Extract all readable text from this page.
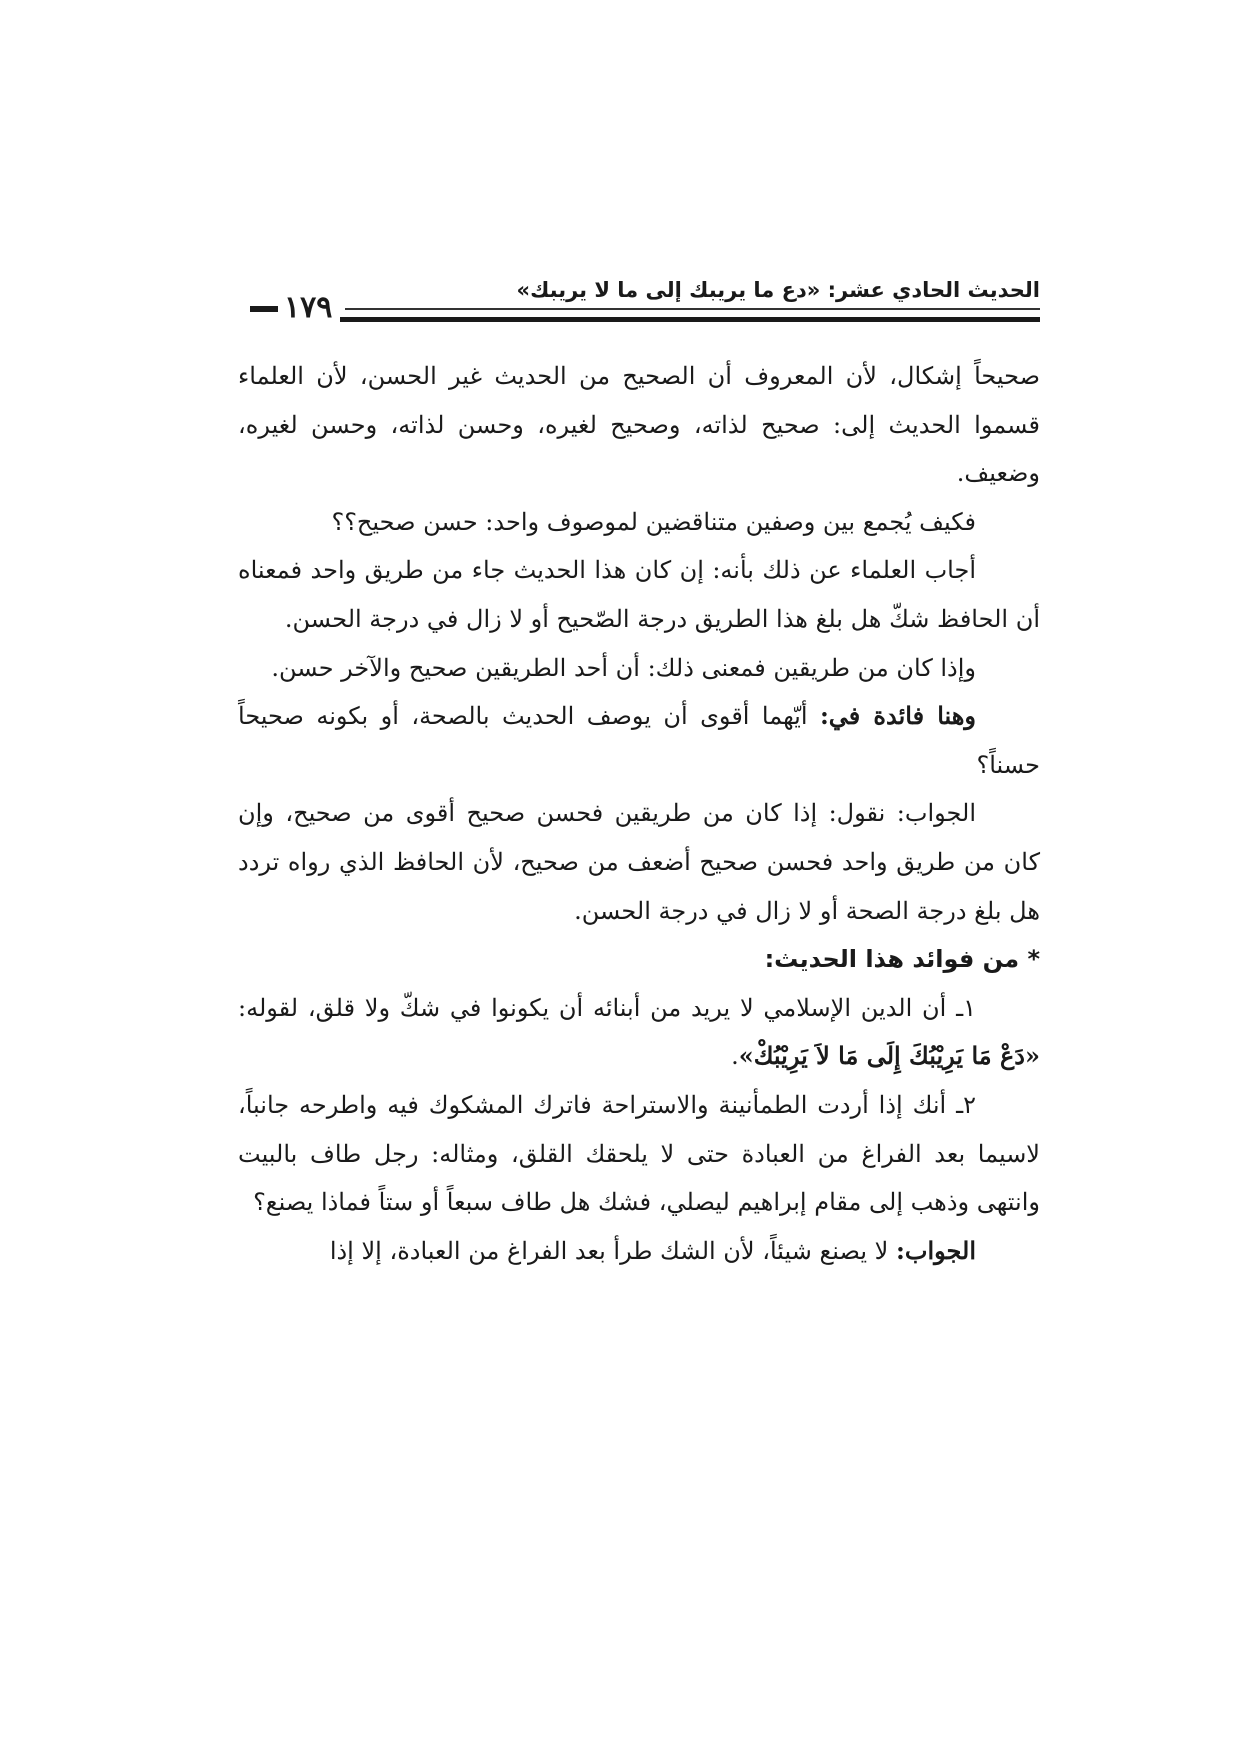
الحديث الحادي عشر: «دع ما يريبك إلى ما لا يريبك»
١٧٩

صحيحاً إشكال، لأن المعروف أن الصحيح من الحديث غير الحسن، لأن العلماء قسموا الحديث إلى: صحيح لذاته، وصحيح لغيره، وحسن لذاته، وحسن لغيره، وضعيف.

فكيف يُجمع بين وصفين متناقضين لموصوف واحد: حسن صحيح؟؟

أجاب العلماء عن ذلك بأنه: إن كان هذا الحديث جاء من طريق واحد فمعناه أن الحافظ شكّ هل بلغ هذا الطريق درجة الصّحيح أو لا زال في درجة الحسن.

وإذا كان من طريقين فمعنى ذلك: أن أحد الطريقين صحيح والآخر حسن.

وهنا فائدة في: أيّهما أقوى أن يوصف الحديث بالصحة، أو بكونه صحيحاً حسناً؟

الجواب: نقول: إذا كان من طريقين فحسن صحيح أقوى من صحيح، وإن كان من طريق واحد فحسن صحيح أضعف من صحيح، لأن الحافظ الذي رواه تردد هل بلغ درجة الصحة أو لا زال في درجة الحسن.

* من فوائد هذا الحديث:

١ـ أن الدين الإسلامي لا يريد من أبنائه أن يكونوا في شكّ ولا قلق، لقوله: «دَعْ مَا يَرِيْبُكَ إِلَى مَا لاَ يَرِيْبُكْ».

٢ـ أنك إذا أردت الطمأنينة والاستراحة فاترك المشكوك فيه واطرحه جانباً، لاسيما بعد الفراغ من العبادة حتى لا يلحقك القلق، ومثاله: رجل طاف بالبيت وانتهى وذهب إلى مقام إبراهيم ليصلي، فشك هل طاف سبعاً أو ستاً فماذا يصنع؟

الجواب: لا يصنع شيئاً، لأن الشك طرأ بعد الفراغ من العبادة، إلا إذا
